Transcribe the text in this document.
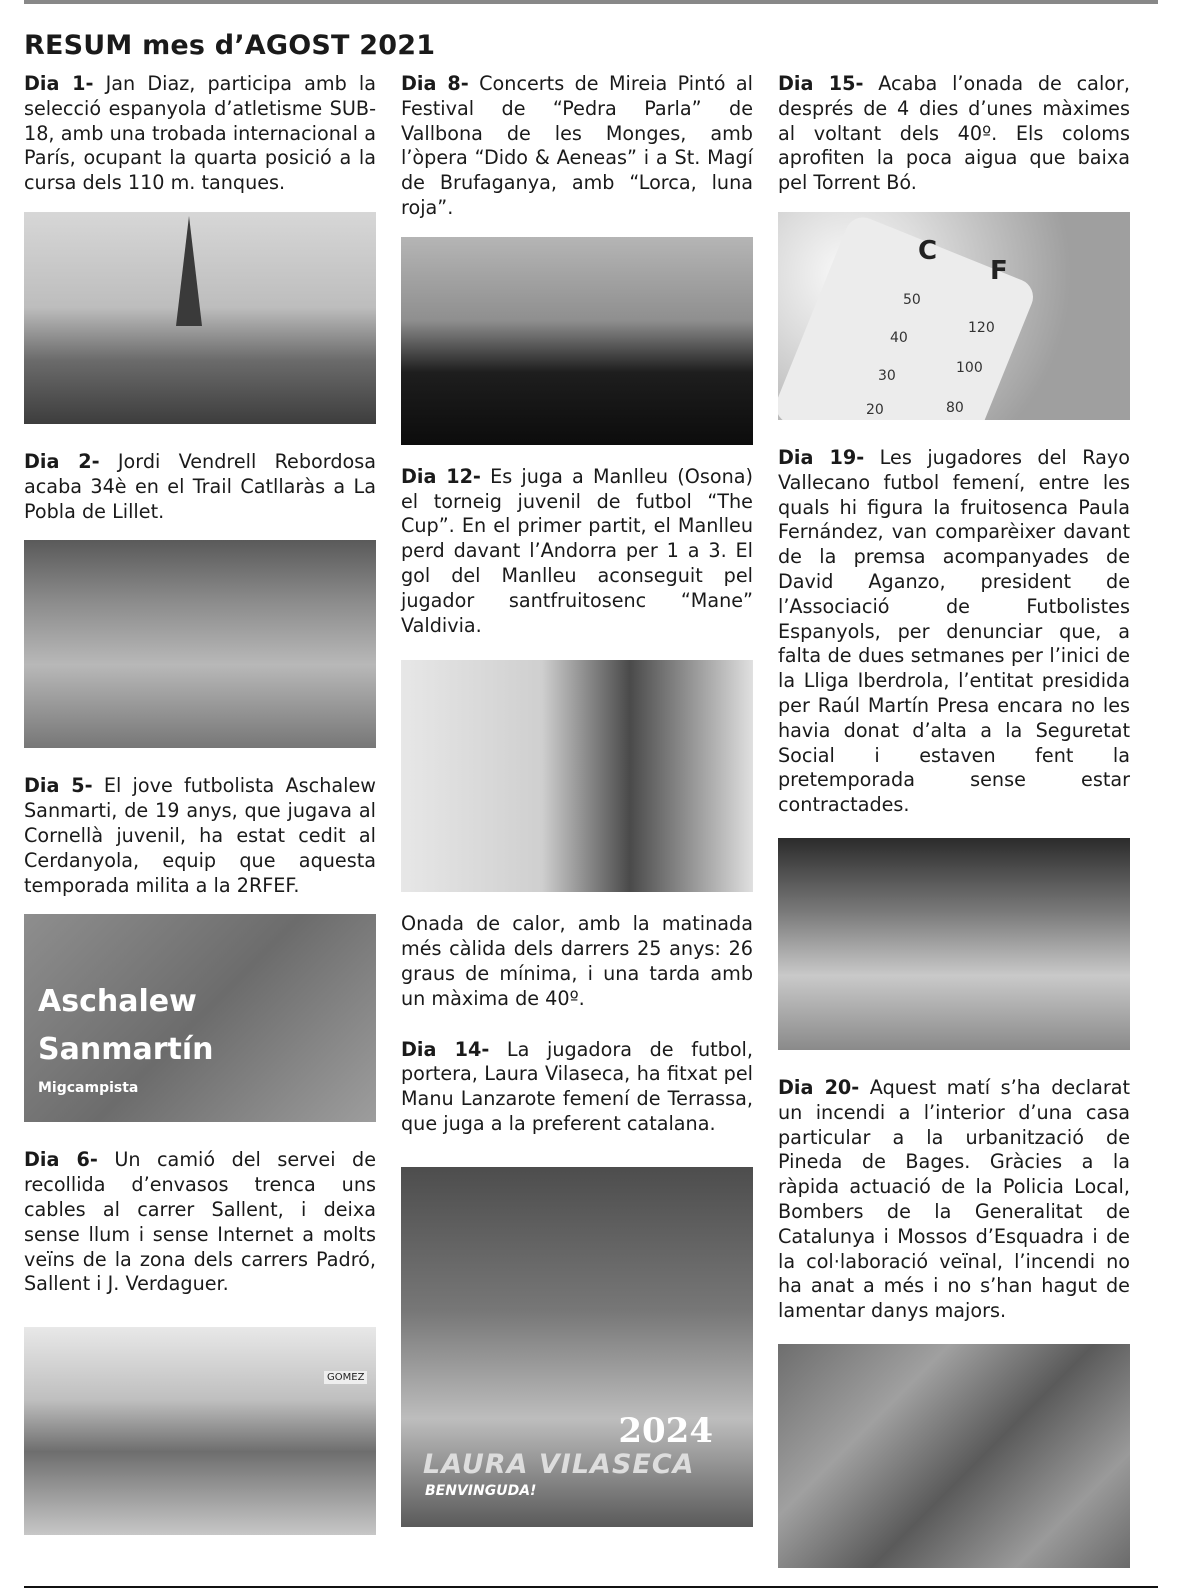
RESUM mes d’AGOST 2021

Dia 1- Jan Diaz, participa amb la selecció espanyola d’atletisme SUB-18, amb una trobada internacional a París, ocupant la quarta posició a la cursa dels 110 m. tanques.

Dia 2- Jordi Vendrell Rebordosa acaba 34è en el Trail Catllaràs a La Pobla de Lillet.

Dia 5- El jove futbolista Aschalew Sanmarti, de 19 anys, que jugava al Cornellà juvenil, ha estat cedit al Cerdanyola, equip que aquesta temporada milita a la 2RFEF.

Aschalew
Sanmartín
Migcampista

Dia 6- Un camió del servei de recollida d’envasos trenca uns cables al carrer Sallent, i deixa sense llum i sense Internet a molts veïns de la zona dels carrers Padró, Sallent i J. Verdaguer.

GOMEZ

Dia 8- Concerts de Mireia Pintó al Festival de “Pedra Parla” de Vallbona de les Monges, amb l’òpera “Dido & Aeneas” i a St. Magí de Brufaganya, amb “Lorca, luna roja”.

Dia 12- Es juga a Manlleu (Osona) el torneig juvenil de futbol “The Cup”. En el primer partit, el Manlleu perd davant l’Andorra per 1 a 3. El gol del Manlleu aconseguit pel jugador santfruitosenc “Mane” Valdivia.

Onada de calor, amb la matinada més càlida dels darrers 25 anys: 26 graus de mínima, i una tarda amb un màxima de 40º.

Dia 14- La jugadora de futbol, portera, Laura Vilaseca, ha fitxat pel Manu Lanzarote femení de Terrassa, que juga a la preferent catalana.

2024
LAURA VILASECA
BENVINGUDA!

Dia 15- Acaba l’onada de calor, després de 4 dies d’unes màximes al voltant dels 40º. Els coloms aprofiten la poca aigua que baixa pel Torrent Bó.

C
F
50
40
30
20
120
100
80

Dia 19- Les jugadores del Rayo Vallecano futbol femení, entre les quals hi figura la fruitosenca Paula Fernández, van comparèixer davant de la premsa acompanyades de David Aganzo, president de l’Associació de Futbolistes Espanyols, per denunciar que, a falta de dues setmanes per l’inici de la Lliga Iberdrola, l’entitat presidida per Raúl Martín Presa encara no les havia donat d’alta a la Seguretat Social i estaven fent la pretemporada sense estar contractades.

Dia 20- Aquest matí s’ha declarat un incendi a l’interior d’una casa particular a la urbanització de Pineda de Bages. Gràcies a la ràpida actuació de la Policia Local, Bombers de la Generalitat de Catalunya i Mossos d’Esquadra i de la col·laboració veïnal, l’incendi no ha anat a més i no s’han hagut de lamentar danys majors.
